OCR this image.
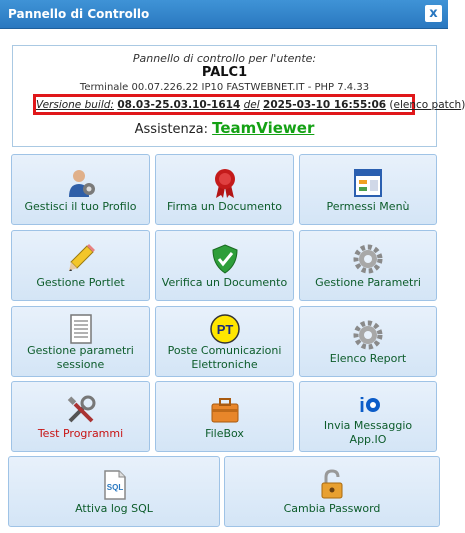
Pannello di Controllo	x
Pannello di controllo per l'utente:
PALC1
Terminale 00.07.226.22 IP10 FASTWEBNET.IT - PHP 7.4.33
Versione build: 08.03-25.03.10-1614 del 2025-03-10 16:55:06 (elenco patch)
Assistenza: TeamViewer
Gestisci il tuo Profilo	Firma un Documento	Permessi Menù
Gestione Portlet	Verifica un Documento	Gestione Parametri
Gestione parametri sessione
PT
Poste Comunicazioni Elettroniche	Elenco Report
Test Programmi	FileBox
i
Invia Messaggio App.IO
SQL
Attiva log SQL	Cambia Password
